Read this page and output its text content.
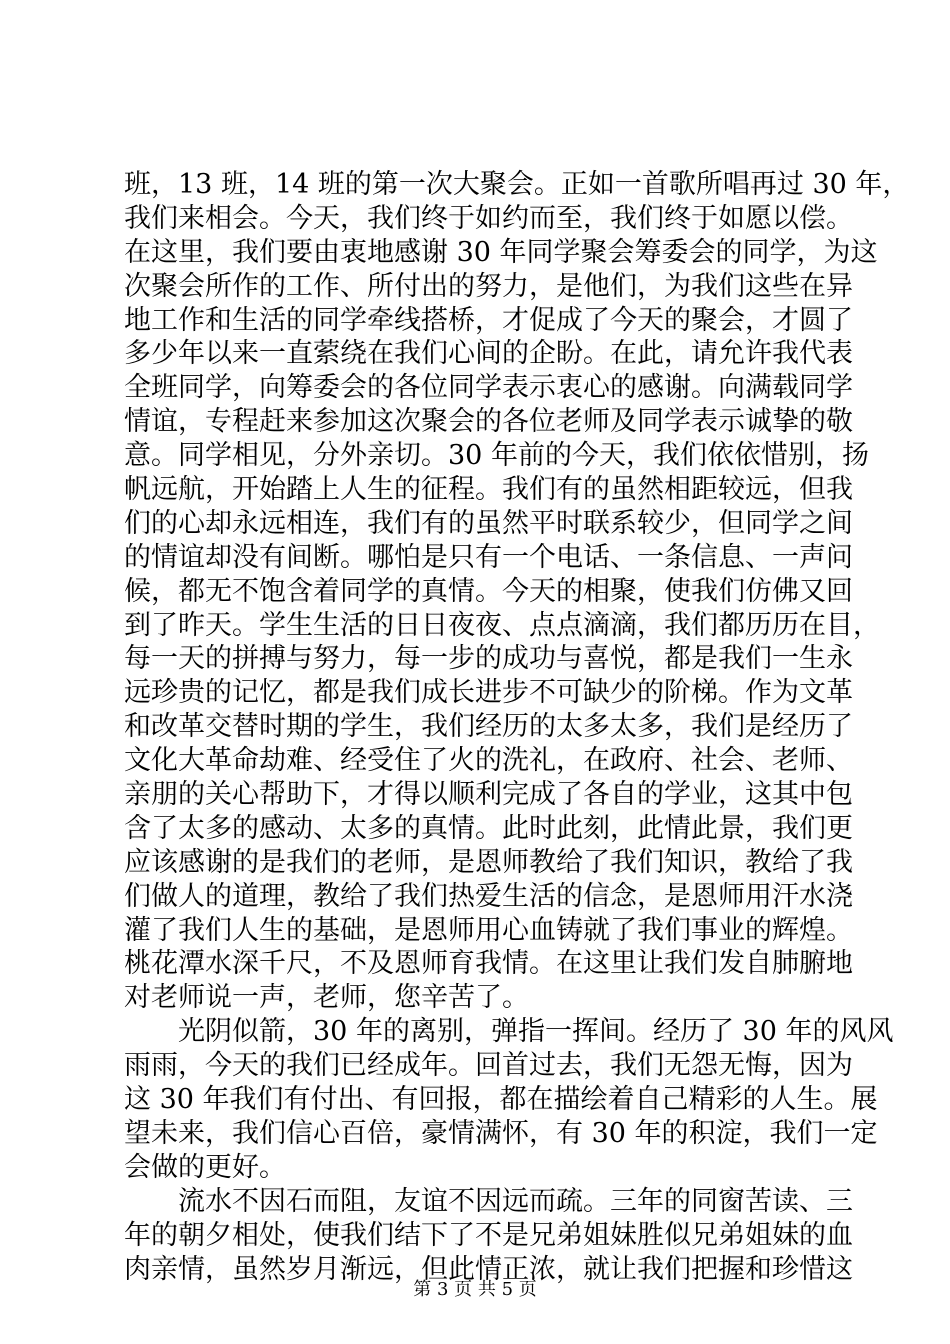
班，13 班，14 班的第一次大聚会。正如一首歌所唱再过 30 年，
我们来相会。今天，我们终于如约而至，我们终于如愿以偿。
在这里，我们要由衷地感谢 30 年同学聚会筹委会的同学，为这
次聚会所作的工作、所付出的努力，是他们，为我们这些在异
地工作和生活的同学牵线搭桥，才促成了今天的聚会，才圆了
多少年以来一直萦绕在我们心间的企盼。在此，请允许我代表
全班同学，向筹委会的各位同学表示衷心的感谢。向满载同学
情谊，专程赶来参加这次聚会的各位老师及同学表示诚挚的敬
意。同学相见，分外亲切。30 年前的今天，我们依依惜别，扬
帆远航，开始踏上人生的征程。我们有的虽然相距较远，但我
们的心却永远相连，我们有的虽然平时联系较少，但同学之间
的情谊却没有间断。哪怕是只有一个电话、一条信息、一声问
候，都无不饱含着同学的真情。今天的相聚，使我们仿佛又回
到了昨天。学生生活的日日夜夜、点点滴滴，我们都历历在目，
每一天的拼搏与努力，每一步的成功与喜悦，都是我们一生永
远珍贵的记忆，都是我们成长进步不可缺少的阶梯。作为文革
和改革交替时期的学生，我们经历的太多太多，我们是经历了
文化大革命劫难、经受住了火的洗礼，在政府、社会、老师、
亲朋的关心帮助下，才得以顺利完成了各自的学业，这其中包
含了太多的感动、太多的真情。此时此刻，此情此景，我们更
应该感谢的是我们的老师，是恩师教给了我们知识，教给了我
们做人的道理，教给了我们热爱生活的信念，是恩师用汗水浇
灌了我们人生的基础，是恩师用心血铸就了我们事业的辉煌。
桃花潭水深千尺，不及恩师育我情。在这里让我们发自肺腑地
对老师说一声，老师，您辛苦了。
　　光阴似箭，30 年的离别，弹指一挥间。经历了 30 年的风风
雨雨，今天的我们已经成年。回首过去，我们无怨无悔，因为
这 30 年我们有付出、有回报，都在描绘着自己精彩的人生。展
望未来，我们信心百倍，豪情满怀，有 30 年的积淀，我们一定
会做的更好。
　　流水不因石而阻，友谊不因远而疏。三年的同窗苦读、三
年的朝夕相处，使我们结下了不是兄弟姐妹胜似兄弟姐妹的血
肉亲情，虽然岁月渐远，但此情正浓，就让我们把握和珍惜这
第 3 页 共 5 页
